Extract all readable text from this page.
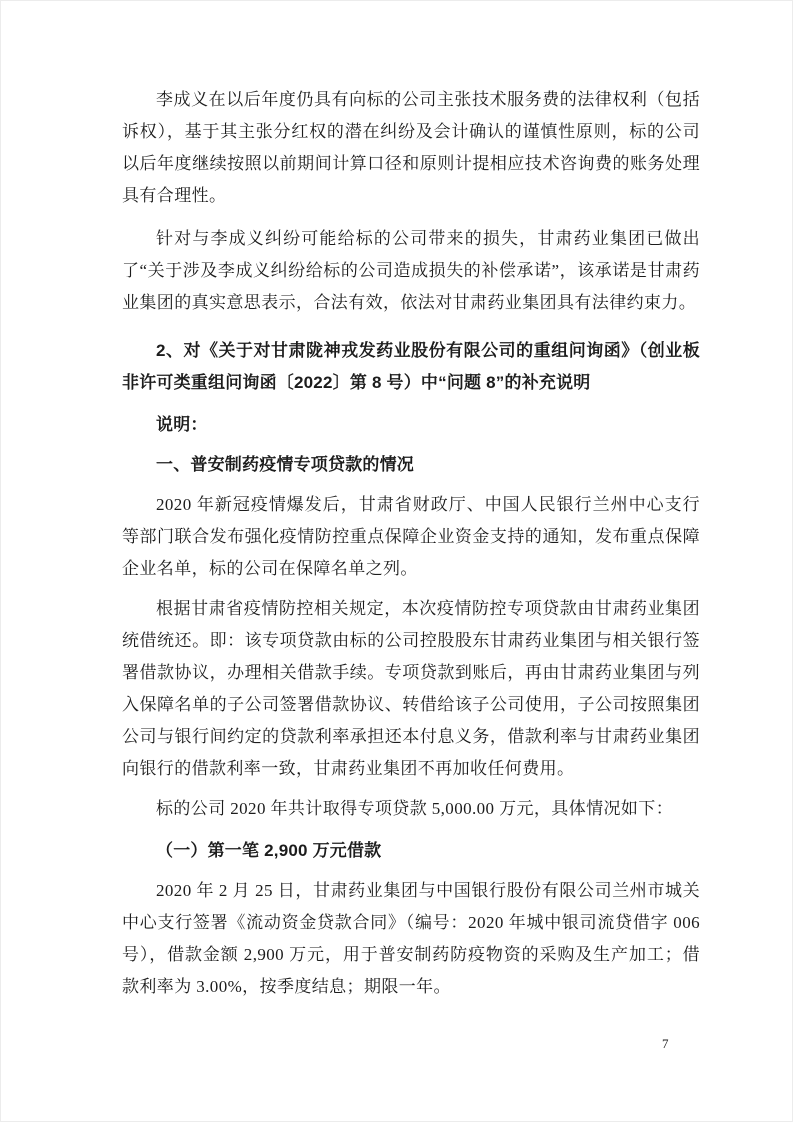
李成义在以后年度仍具有向标的公司主张技术服务费的法律权利（包括诉权），基于其主张分红权的潜在纠纷及会计确认的谨慎性原则，标的公司以后年度继续按照以前期间计算口径和原则计提相应技术咨询费的账务处理具有合理性。

针对与李成义纠纷可能给标的公司带来的损失，甘肃药业集团已做出了“关于涉及李成义纠纷给标的公司造成损失的补偿承诺”，该承诺是甘肃药业集团的真实意思表示，合法有效，依法对甘肃药业集团具有法律约束力。

2、对《关于对甘肃陇神戎发药业股份有限公司的重组问询函》（创业板非许可类重组问询函〔2022〕第 8 号）中“问题 8”的补充说明

说明：

一、普安制药疫情专项贷款的情况

2020 年新冠疫情爆发后，甘肃省财政厅、中国人民银行兰州中心支行等部门联合发布强化疫情防控重点保障企业资金支持的通知，发布重点保障企业名单，标的公司在保障名单之列。

根据甘肃省疫情防控相关规定，本次疫情防控专项贷款由甘肃药业集团统借统还。即：该专项贷款由标的公司控股股东甘肃药业集团与相关银行签署借款协议，办理相关借款手续。专项贷款到账后，再由甘肃药业集团与列入保障名单的子公司签署借款协议、转借给该子公司使用，子公司按照集团公司与银行间约定的贷款利率承担还本付息义务，借款利率与甘肃药业集团向银行的借款利率一致，甘肃药业集团不再加收任何费用。

标的公司 2020 年共计取得专项贷款 5,000.00 万元，具体情况如下：

（一）第一笔 2,900 万元借款

2020 年 2 月 25 日，甘肃药业集团与中国银行股份有限公司兰州市城关中心支行签署《流动资金贷款合同》（编号：2020 年城中银司流贷借字 006 号），借款金额 2,900 万元，用于普安制药防疫物资的采购及生产加工；借款利率为 3.00%，按季度结息；期限一年。

7
